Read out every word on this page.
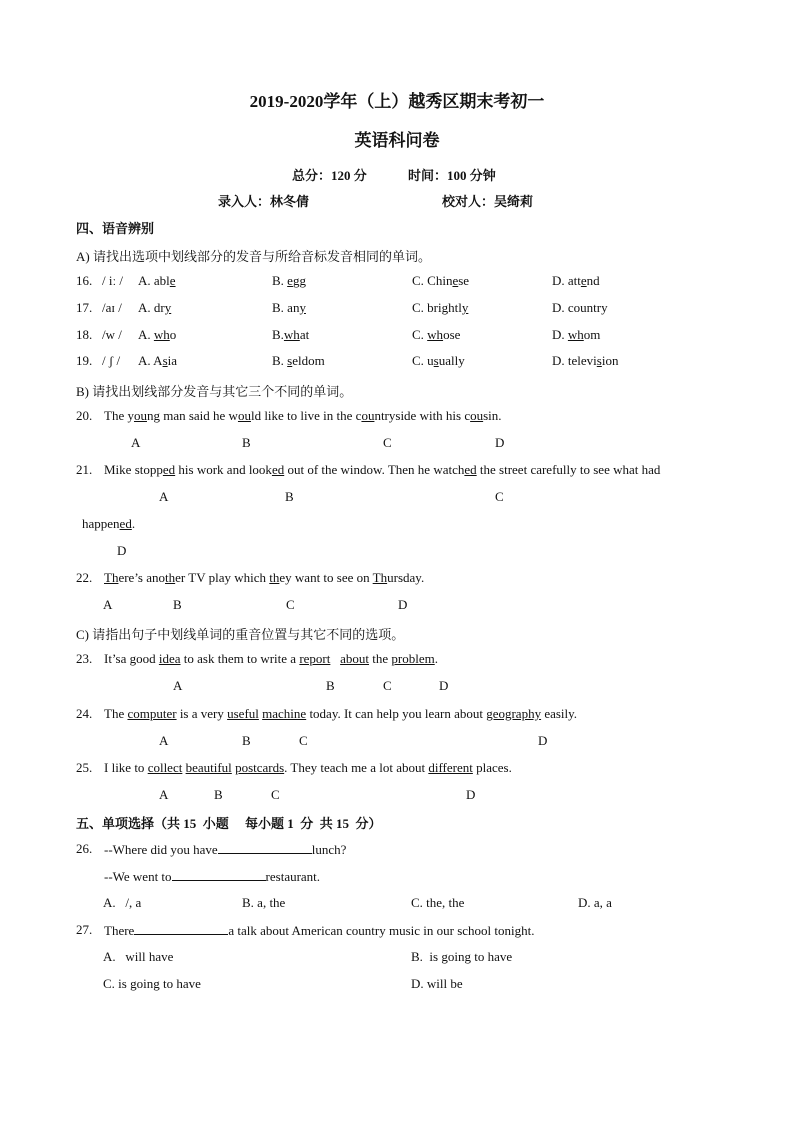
2019-2020学年（上）越秀区期末考初一
英语科问卷
总分：120 分	时间：100 分钟
录入人：林冬倩	校对人：吴绮莉
四、语音辨别
A) 请找出选项中划线部分的发音与所给音标发音相同的单词。
16. / iː / A. able	B. egg	C. Chinese	D. attend
17. /aɪ / A. dry	B. any	C. brightly	D. country
18. /w / A. who	B.what	C. whose	D. whom
19. / ʃ / A. Asia	B. seldom	C. usually	D. television
B) 请找出划线部分发音与其它三个不同的单词。
20. The young man said he would like to live in the countryside with his cousin.
A	B	C	D
21. Mike stopped his work and looked out of the window. Then he watched the street carefully to see what had
A	B	C
happened.
D
22. There’s another TV play which they want to see on Thursday.
A	B	C	D
C) 请指出句子中划线单词的重音位置与其它不同的选项。
23. It’sa good idea to ask them to write a report about the problem.
A	B	C	D
24. The computer is a very useful machine today. It can help you learn about geography easily.
A	B	C	D
25. I like to collect beautiful postcards. They teach me a lot about different places.
A	B	C	D
五、单项选择（共 15  小题     每小题 1  分  共 15  分）
26. --Where did you have	lunch?
--We went to	restaurant.
A.   /, a	B. a, the	C. the, the	D. a, a
27. There	a talk about American country music in our school tonight.
A.   will have	B.  is going to have
C. is going to have	D. will be
